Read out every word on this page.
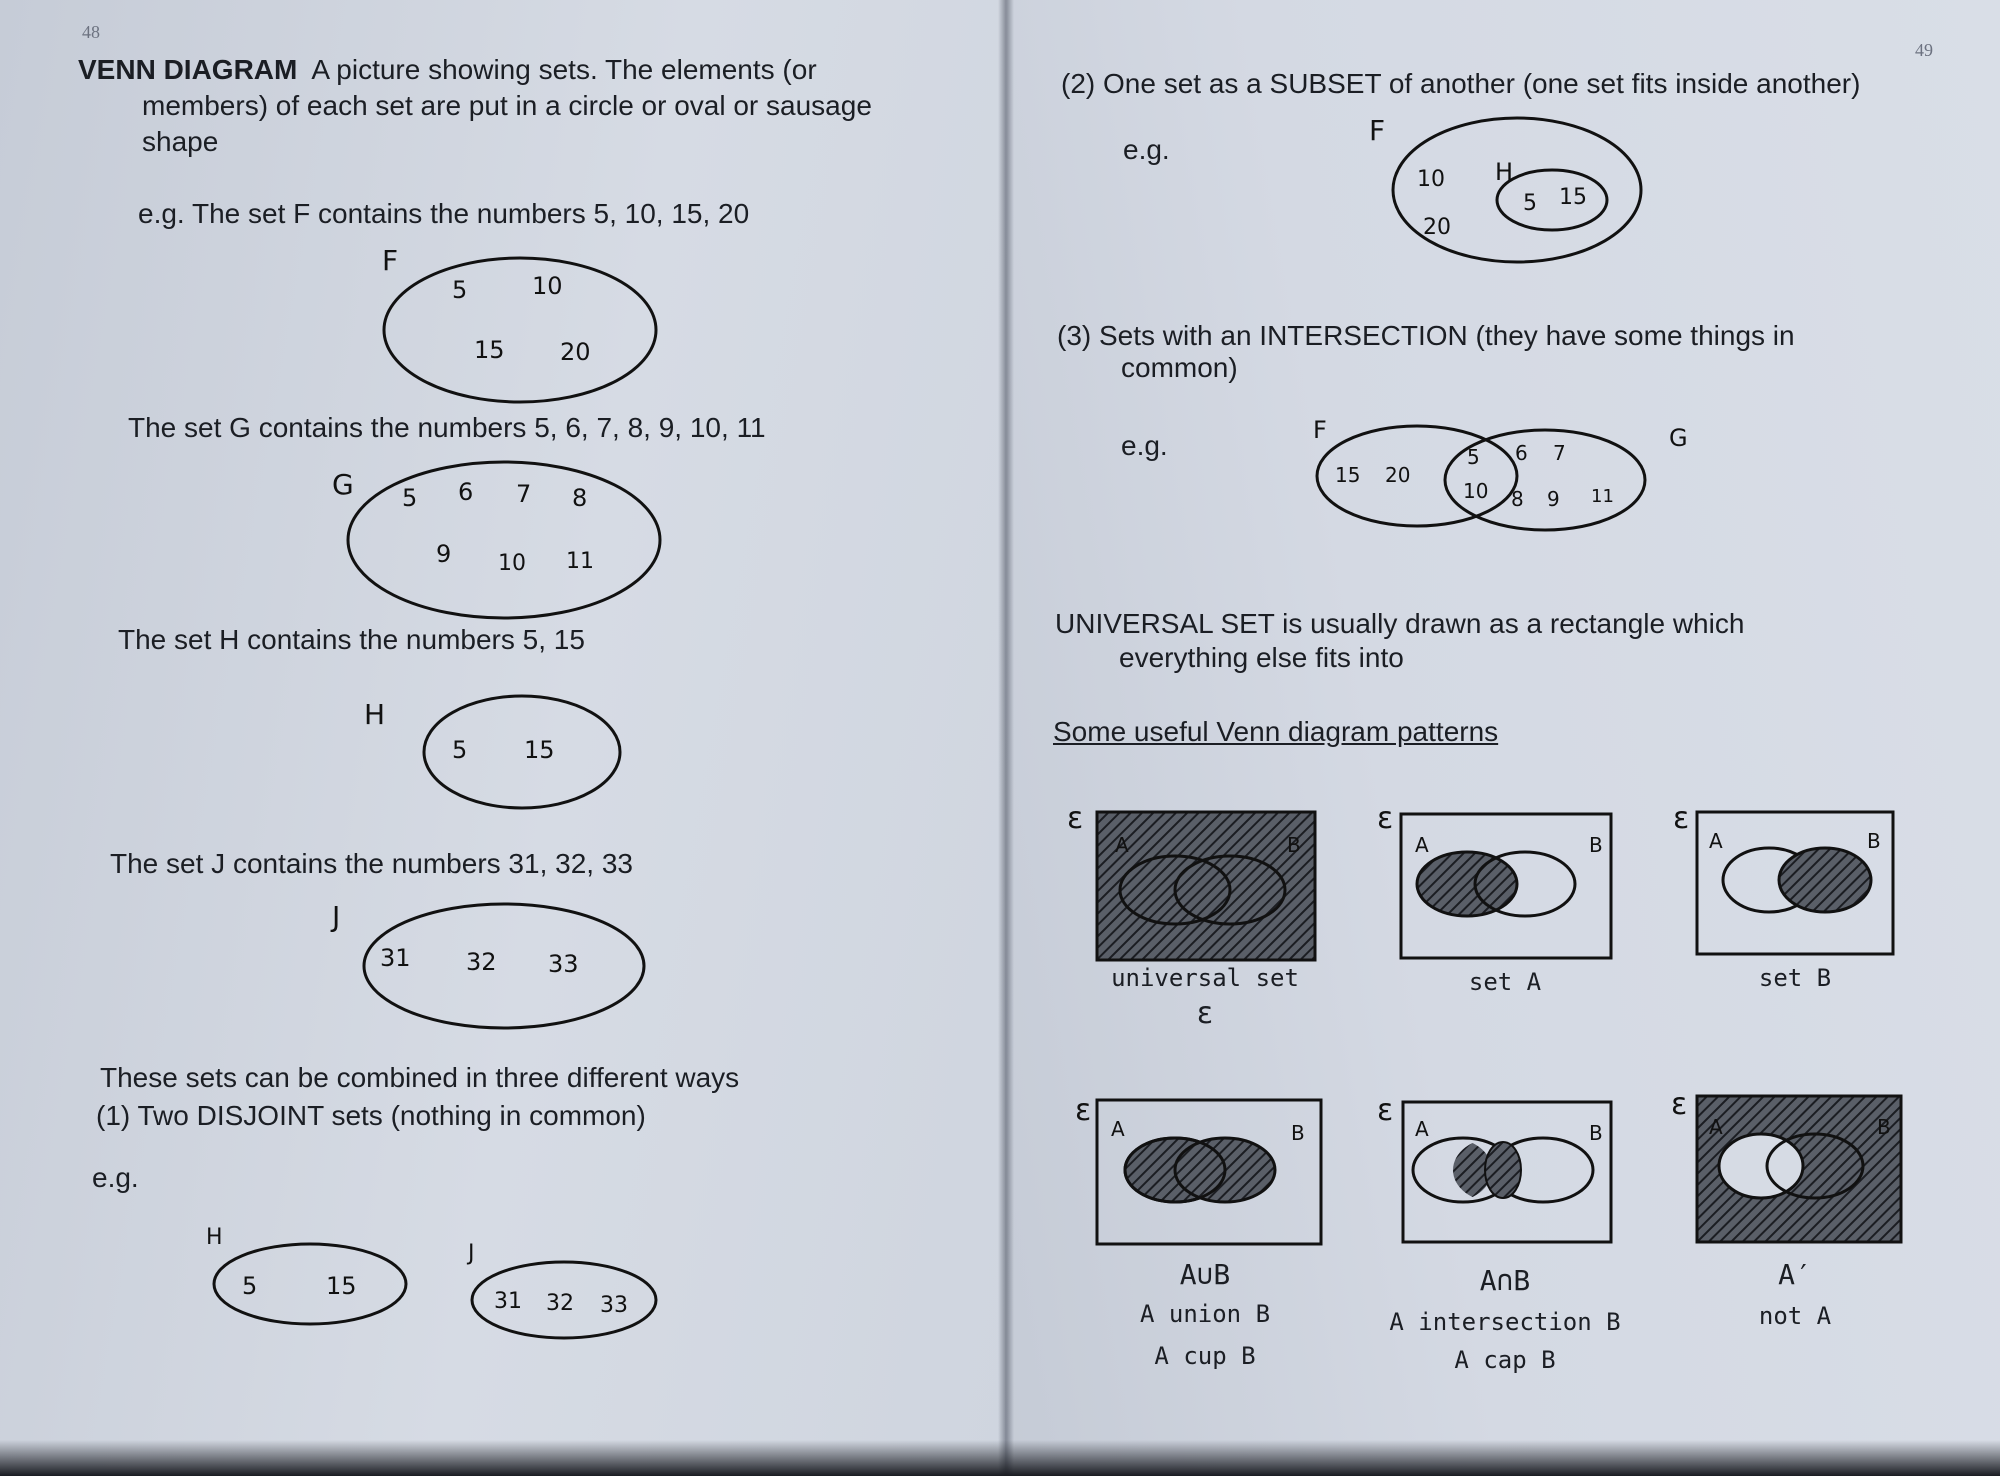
48
VENN DIAGRAM A picture showing sets. The elements (or
members) of each set are put in a circle or oval or sausage
shape
e.g. The set F contains the numbers 5, 10, 15, 20
F
5	10
15 20
The set G contains the numbers 5, 6, 7, 8, 9, 10, 11
G 5 6 7 8
9 10 11
The set H contains the numbers 5, 15
H
5 15
The set J contains the numbers 31, 32, 33
J
31 32 33
These sets can be combined in three different ways
(1) Two DISJOINT sets (nothing in common)
e.g.
H
5	15
J
31 32 33
49
(2) One set as a SUBSET of another (one set fits inside another)
e.g.
F
H
10
20
5 15
(3) Sets with an INTERSECTION (they have some things in
common)
e.g.	F	G
15 20
5
10
6 7
8 9 11
UNIVERSAL SET is usually drawn as a rectangle which
everything else fits into
Some useful Venn diagram patterns
ε
A	B
ε
A	B
ε
A	B
ε
A	B
ε
A	B
ε
A	B
universal set
ε
set A	set B
A∪B
A union B
A cup B
A∩B
A intersection B
A cap B
A′
not A
